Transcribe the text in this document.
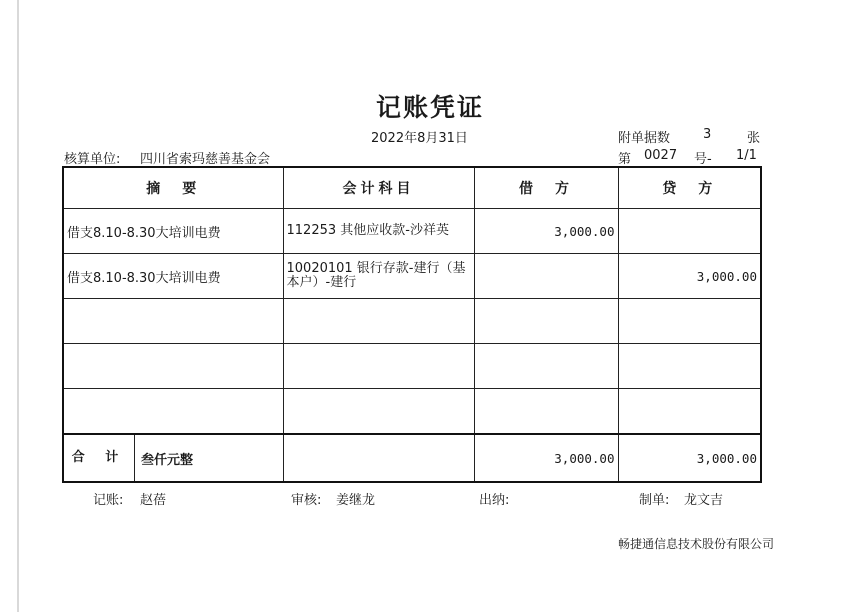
记账凭证
2022年8月31日	附单据数	3	张
核算单位: 四川省索玛慈善基金会	第 0027 号- 1/1
摘　要	会计科目	借　方	贷　方
借支8.10-8.30大培训电费	112253 其他应收款-沙祥英	3,000.00	
借支8.10-8.30大培训电费	10020101 银行存款-建行（基本户）-建行		3,000.00

合 计 叁仟元整		3,000.00	3,000.00
记账: 赵蓓	审核: 姜继龙	出纳:	制单: 龙文吉
畅捷通信息技术股份有限公司
